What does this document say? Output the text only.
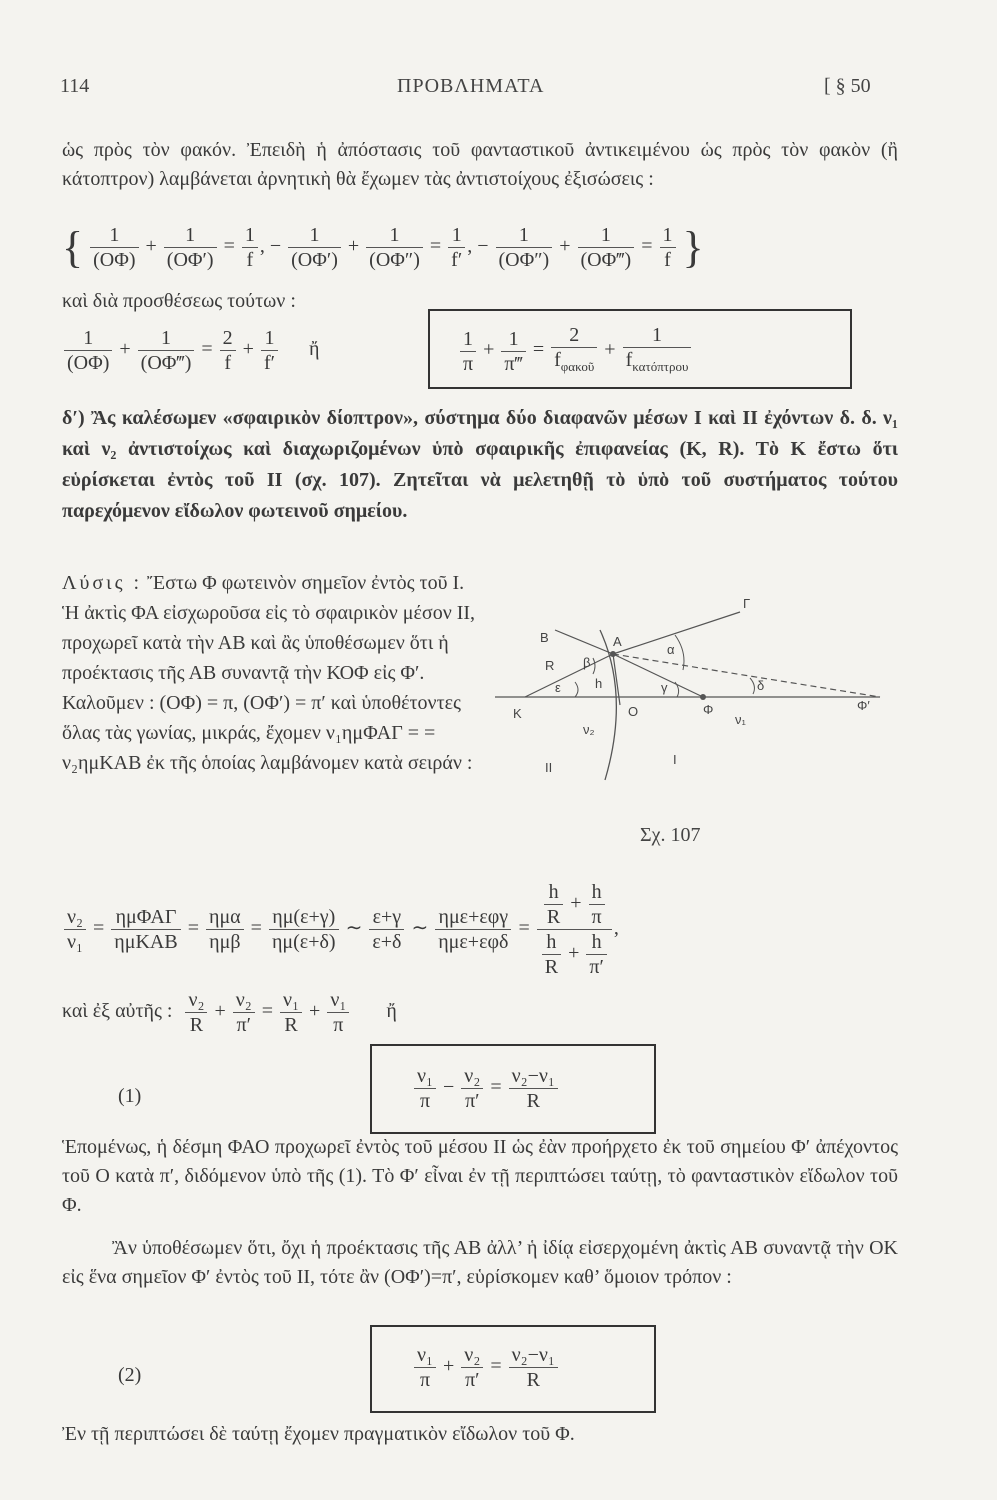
114	ΠΡΟΒΛΗΜΑΤΑ	[ § 50
ὡς πρὸς τὸν φακόν. Ἐπειδὴ ἡ ἀπόστασις τοῦ φανταστικοῦ ἀντικειμένου ὡς πρὸς τὸν φακὸν (ἢ κάτοπτρον) λαμβάνεται ἀρνητικὴ θὰ ἔχωμεν τὰς ἀντιστοίχους ἐξισώσεις :
{ $\frac{1}{(O\Phi)} + \frac{1}{(O\Phi')} = \frac{1}{f}$ , − $\frac{1}{(O\Phi')} + \frac{1}{(O\Phi'')} = \frac{1}{f'}$ , − $\frac{1}{(O\Phi'')} + \frac{1}{(O\Phi‴)} = \frac{1}{f}$ }
καὶ διὰ προσθέσεως τούτων :
$\frac{1}{(O\Phi)} + \frac{1}{(O\Phi‴)} = \frac{2}{f} + \frac{1}{f'}$ ἤ	$\frac{1}{\pi} + \frac{1}{\pi‴}$ =
2
$f_{\varphi\alpha\kappa oῦ}$
+
1
$f_{\kappa\alpha\tau ό\pi\tau\rho o\upsilon}$
δ′) Ἂς καλέσωμεν «σφαιρικὸν δίοπτρον», σύστημα δύο διαφανῶν μέσων I καὶ II ἐχόντων δ. δ. ν₁ καὶ ν₂ ἀντιστοίχως καὶ διαχωριζομένων ὑπὸ σφαιρικῆς ἐπιφανείας (K, R). Τὸ K ἔστω ὅτι εὑρίσκεται ἐντὸς τοῦ II (σχ. 107). Ζητεῖται νὰ μελετηθῇ τὸ ὑπὸ τοῦ συστήματος τούτου παρεχόμενον εἴδωλον φωτεινοῦ σημείου.
Λύσις : Ἔστω Φ φωτεινὸν σημεῖον ἐντὸς τοῦ I. Ἡ ἀκτὶς ΦΑ εἰσχωροῦσα εἰς τὸ σφαιρικὸν μέσον II, προχωρεῖ κατὰ τὴν ΑΒ καὶ ἂς ὑποθέσωμεν ὅτι ἡ προέκτασις τῆς ΑΒ συναντᾷ τὴν ΚΟΦ εἰς Φ′. Καλοῦμεν : (ΟΦ) = π, (ΟΦ′) = π′ καὶ ὑποθέτοντες ὅλας τὰς γωνίας, μικράς, ἔχομεν ν₁ημΦΑΓ = = ν₂ημΚΑΒ ἐκ τῆς ὁποίας λαμβάνομεν κατὰ σειράν :
B	A
Γ
R β
ε	h	γ
α
δ
K	O	Φ	Φ′
ν₁
ν₂
II
I
Σχ. 107
$\frac{\text{ν₂}}{\text{ν₁}}$ =
ημΦΑΓ
ημΚΑΒ
=
ημα
ημβ
= $\frac{\eta\mu(\varepsilon+\gamma)}{\eta\mu(\varepsilon+\delta)}$ ∼ $\frac{\varepsilon+\gamma}{\varepsilon+\delta}$ ∼
ημε+εφγ
ημε+εφδ
= $\frac{\frac{h}{R} + \frac{h}{\pi}}{\frac{h}{R} + \frac{h}{\pi'}}$ ,
καὶ ἐξ αὐτῆς : $\frac{\text{ν₂}}{R} + \frac{\text{ν₂}}{\pi'} = \frac{\text{ν₁}}{R} + \frac{\text{ν₁}}{\pi}$ ἤ
(1)	$\frac{\text{ν₁}}{\pi} - \frac{\text{ν₂}}{\pi'} = \frac{\text{ν₂−ν₁}}{R}$
Ἑπομένως, ἡ δέσμη ΦΑΟ προχωρεῖ ἐντὸς τοῦ μέσου II ὡς ἐὰν προήρχετο ἐκ τοῦ σημείου Φ′ ἀπέχοντος τοῦ Ο κατὰ π′, διδόμενον ὑπὸ τῆς (1). Τὸ Φ′ εἶναι ἐν τῇ περιπτώσει ταύτῃ, τὸ φανταστικὸν εἴδωλον τοῦ Φ.
Ἂν ὑποθέσωμεν ὅτι, ὄχι ἡ προέκτασις τῆς ΑΒ ἀλλ’ ἡ ἰδίᾳ εἰσερχομένη ἀκτὶς ΑΒ συναντᾷ τὴν ΟΚ εἰς ἕνα σημεῖον Φ′ ἐντὸς τοῦ II, τότε ἂν (ΟΦ′)=π′, εὑρίσκομεν καθ’ ὅμοιον τρόπον :
(2)	$\frac{\text{ν₁}}{\pi} + \frac{\text{ν₂}}{\pi'} = \frac{\text{ν₂−ν₁}}{R}$
Ἐν τῇ περιπτώσει δὲ ταύτῃ ἔχομεν πραγματικὸν εἴδωλον τοῦ Φ.
